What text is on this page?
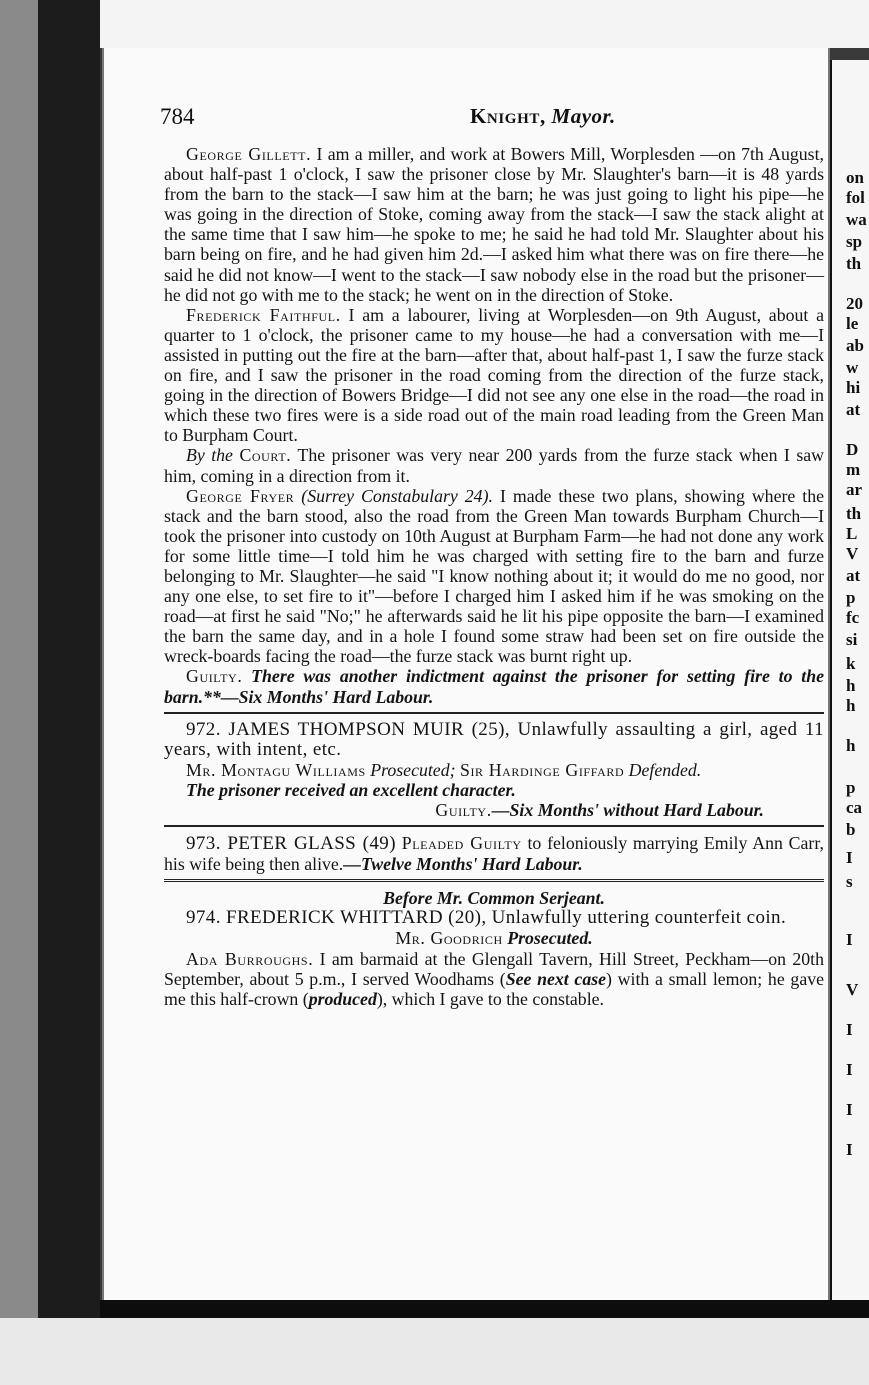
on
fol
wa
sp
th
20
le
ab
w
hi
at
D
m
ar
th
L
V
at
p
fc
si
k
h
h
h
p
ca
b
I
s
I
V
I
I
I
I
784	Knight, Mayor.

George Gillett. I am a miller, and work at Bowers Mill, Worplesden —on 7th August, about half-past 1 o'clock, I saw the prisoner close by Mr. Slaughter's barn—it is 48 yards from the barn to the stack—I saw him at the barn; he was just going to light his pipe—he was going in the direction of Stoke, coming away from the stack—I saw the stack alight at the same time that I saw him—he spoke to me; he said he had told Mr. Slaughter about his barn being on fire, and he had given him 2d.—I asked him what there was on fire there—he said he did not know—I went to the stack—I saw nobody else in the road but the prisoner—he did not go with me to the stack; he went on in the direction of Stoke.

Frederick Faithful. I am a labourer, living at Worplesden—on 9th August, about a quarter to 1 o'clock, the prisoner came to my house—he had a conversation with me—I assisted in putting out the fire at the barn—after that, about half-past 1, I saw the furze stack on fire, and I saw the prisoner in the road coming from the direction of the furze stack, going in the direction of Bowers Bridge—I did not see any one else in the road—the road in which these two fires were is a side road out of the main road leading from the Green Man to Burpham Court.

By the Court. The prisoner was very near 200 yards from the furze stack when I saw him, coming in a direction from it.

George Fryer (Surrey Constabulary 24). I made these two plans, showing where the stack and the barn stood, also the road from the Green Man towards Burpham Church—I took the prisoner into custody on 10th August at Burpham Farm—he had not done any work for some little time—I told him he was charged with setting fire to the barn and furze belonging to Mr. Slaughter—he said "I know nothing about it; it would do me no good, nor any one else, to set fire to it"—before I charged him I asked him if he was smoking on the road—at first he said "No;" he afterwards said he lit his pipe opposite the barn—I examined the barn the same day, and in a hole I found some straw had been set on fire outside the wreck-boards facing the road—the furze stack was burnt right up.

Guilty. There was another indictment against the prisoner for setting fire to the barn.**—Six Months' Hard Labour.

972. JAMES THOMPSON MUIR (25), Unlawfully assaulting a girl, aged 11 years, with intent, etc.

Mr. Montagu Williams Prosecuted; Sir Hardinge Giffard Defended.

The prisoner received an excellent character.

Guilty.—Six Months' without Hard Labour.

973. PETER GLASS (49) Pleaded Guilty to feloniously marrying Emily Ann Carr, his wife being then alive.—Twelve Months' Hard Labour.

Before Mr. Common Serjeant.

974. FREDERICK WHITTARD (20), Unlawfully uttering counterfeit coin.

Mr. Goodrich Prosecuted.

Ada Burroughs. I am barmaid at the Glengall Tavern, Hill Street, Peckham—on 20th September, about 5 p.m., I served Woodhams (See next case) with a small lemon; he gave me this half-crown (produced), which I gave to the constable.
